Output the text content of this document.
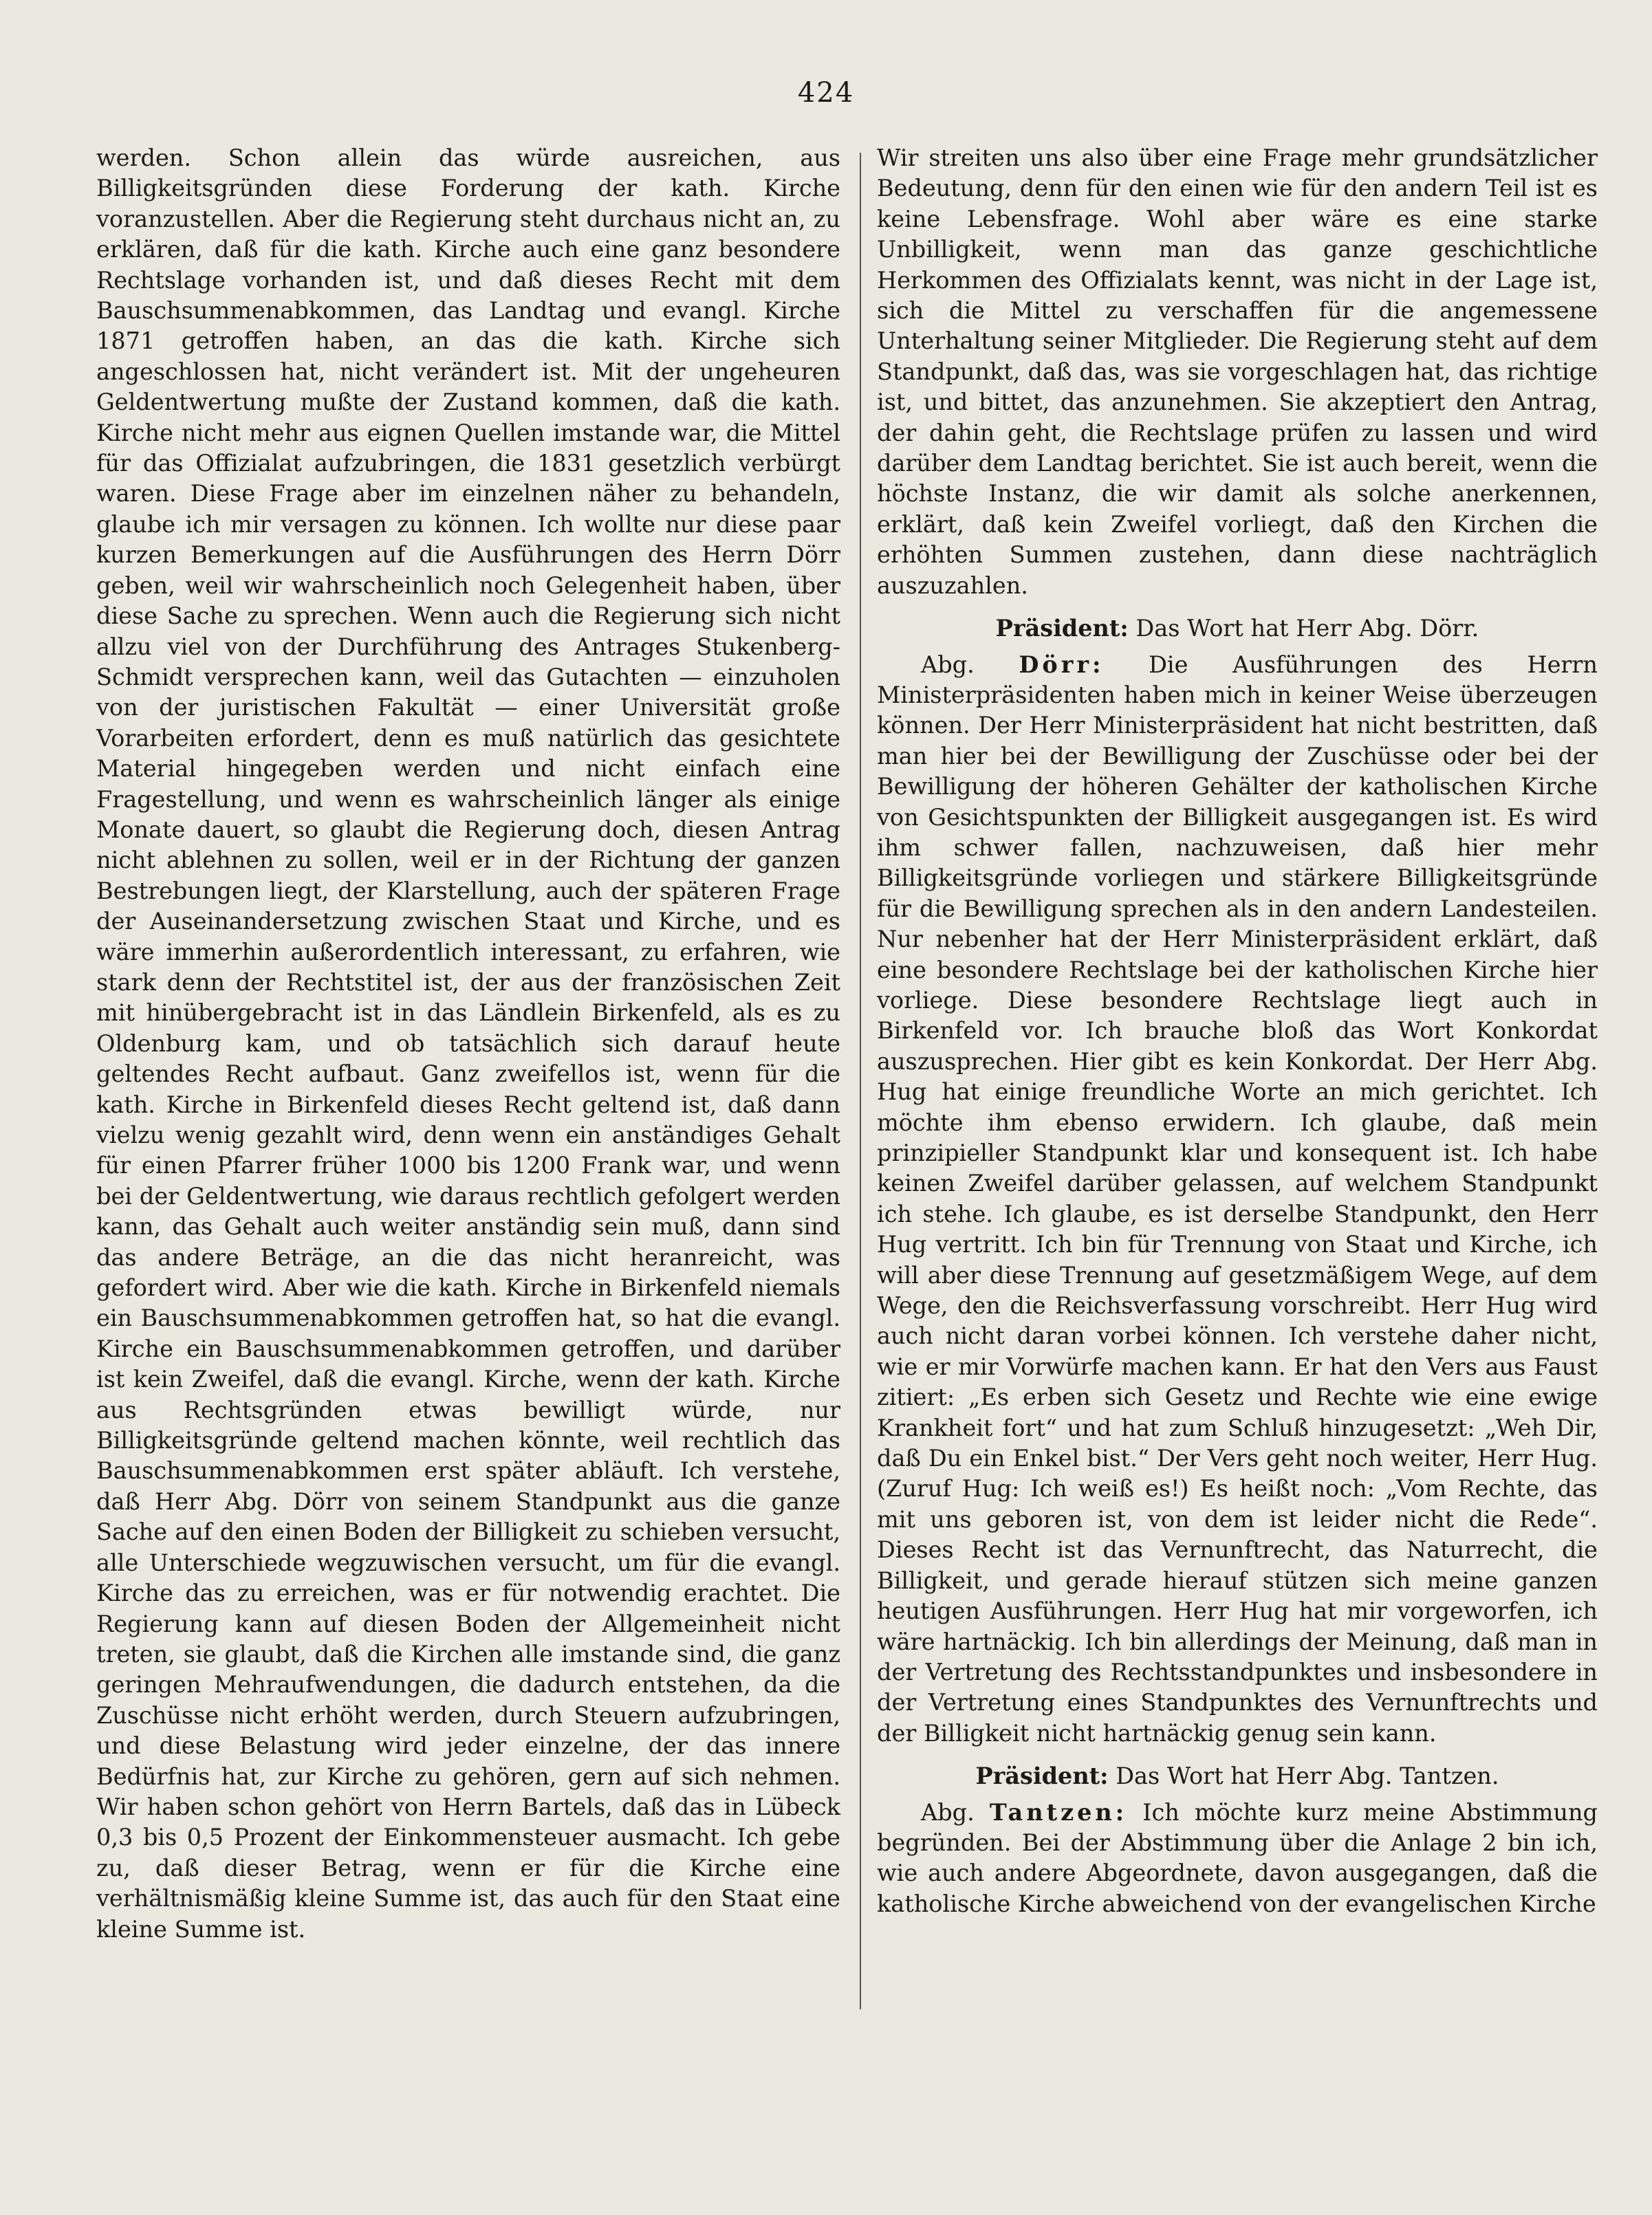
424

werden. Schon allein das würde ausreichen, aus Billigkeitsgründen diese Forderung der kath. Kirche voranzustellen. Aber die Regierung steht durchaus nicht an, zu erklären, daß für die kath. Kirche auch eine ganz besondere Rechtslage vorhanden ist, und daß dieses Recht mit dem Bauschsummenabkommen, das Landtag und evangl. Kirche 1871 getroffen haben, an das die kath. Kirche sich angeschlossen hat, nicht verändert ist. Mit der ungeheuren Geldentwertung mußte der Zustand kommen, daß die kath. Kirche nicht mehr aus eignen Quellen imstande war, die Mittel für das Offizialat aufzubringen, die 1831 gesetzlich verbürgt waren. Diese Frage aber im einzelnen näher zu behandeln, glaube ich mir versagen zu können. Ich wollte nur diese paar kurzen Bemerkungen auf die Ausführungen des Herrn Dörr geben, weil wir wahrscheinlich noch Gelegenheit haben, über diese Sache zu sprechen. Wenn auch die Regierung sich nicht allzu viel von der Durchführung des Antrages Stukenberg-Schmidt versprechen kann, weil das Gutachten — einzuholen von der juristischen Fakultät — einer Universität große Vorarbeiten erfordert, denn es muß natürlich das gesichtete Material hingegeben werden und nicht einfach eine Fragestellung, und wenn es wahrscheinlich länger als einige Monate dauert, so glaubt die Regierung doch, diesen Antrag nicht ablehnen zu sollen, weil er in der Richtung der ganzen Bestrebungen liegt, der Klarstellung, auch der späteren Frage der Auseinandersetzung zwischen Staat und Kirche, und es wäre immerhin außerordentlich interessant, zu erfahren, wie stark denn der Rechtstitel ist, der aus der französischen Zeit mit hinübergebracht ist in das Ländlein Birkenfeld, als es zu Oldenburg kam, und ob tatsächlich sich darauf heute geltendes Recht aufbaut. Ganz zweifellos ist, wenn für die kath. Kirche in Birkenfeld dieses Recht geltend ist, daß dann vielzu wenig gezahlt wird, denn wenn ein anständiges Gehalt für einen Pfarrer früher 1000 bis 1200 Frank war, und wenn bei der Geldentwertung, wie daraus rechtlich gefolgert werden kann, das Gehalt auch weiter anständig sein muß, dann sind das andere Beträge, an die das nicht heranreicht, was gefordert wird. Aber wie die kath. Kirche in Birkenfeld niemals ein Bauschsummenabkommen getroffen hat, so hat die evangl. Kirche ein Bauschsummenabkommen getroffen, und darüber ist kein Zweifel, daß die evangl. Kirche, wenn der kath. Kirche aus Rechtsgründen etwas bewilligt würde, nur Billigkeitsgründe geltend machen könnte, weil rechtlich das Bauschsummenabkommen erst später abläuft. Ich verstehe, daß Herr Abg. Dörr von seinem Standpunkt aus die ganze Sache auf den einen Boden der Billigkeit zu schieben versucht, alle Unterschiede wegzuwischen versucht, um für die evangl. Kirche das zu erreichen, was er für notwendig erachtet. Die Regierung kann auf diesen Boden der Allgemeinheit nicht treten, sie glaubt, daß die Kirchen alle imstande sind, die ganz geringen Mehraufwendungen, die dadurch entstehen, da die Zuschüsse nicht erhöht werden, durch Steuern aufzubringen, und diese Belastung wird jeder einzelne, der das innere Bedürfnis hat, zur Kirche zu gehören, gern auf sich nehmen. Wir haben schon gehört von Herrn Bartels, daß das in Lübeck 0,3 bis 0,5 Prozent der Einkommensteuer ausmacht. Ich gebe zu, daß dieser Betrag, wenn er für die Kirche eine verhältnismäßig kleine Summe ist, das auch für den Staat eine kleine Summe ist.

Wir streiten uns also über eine Frage mehr grundsätzlicher Bedeutung, denn für den einen wie für den andern Teil ist es keine Lebensfrage. Wohl aber wäre es eine starke Unbilligkeit, wenn man das ganze geschichtliche Herkommen des Offizialats kennt, was nicht in der Lage ist, sich die Mittel zu verschaffen für die angemessene Unterhaltung seiner Mitglieder. Die Regierung steht auf dem Standpunkt, daß das, was sie vorgeschlagen hat, das richtige ist, und bittet, das anzunehmen. Sie akzeptiert den Antrag, der dahin geht, die Rechtslage prüfen zu lassen und wird darüber dem Landtag berichtet. Sie ist auch bereit, wenn die höchste Instanz, die wir damit als solche anerkennen, erklärt, daß kein Zweifel vorliegt, daß den Kirchen die erhöhten Summen zustehen, dann diese nachträglich auszuzahlen.

Präsident: Das Wort hat Herr Abg. Dörr.

Abg. Dörr: Die Ausführungen des Herrn Ministerpräsidenten haben mich in keiner Weise überzeugen können. Der Herr Ministerpräsident hat nicht bestritten, daß man hier bei der Bewilligung der Zuschüsse oder bei der Bewilligung der höheren Gehälter der katholischen Kirche von Gesichtspunkten der Billigkeit ausgegangen ist. Es wird ihm schwer fallen, nachzuweisen, daß hier mehr Billigkeitsgründe vorliegen und stärkere Billigkeitsgründe für die Bewilligung sprechen als in den andern Landesteilen. Nur nebenher hat der Herr Ministerpräsident erklärt, daß eine besondere Rechtslage bei der katholischen Kirche hier vorliege. Diese besondere Rechtslage liegt auch in Birkenfeld vor. Ich brauche bloß das Wort Konkordat auszusprechen. Hier gibt es kein Konkordat. Der Herr Abg. Hug hat einige freundliche Worte an mich gerichtet. Ich möchte ihm ebenso erwidern. Ich glaube, daß mein prinzipieller Standpunkt klar und konsequent ist. Ich habe keinen Zweifel darüber gelassen, auf welchem Standpunkt ich stehe. Ich glaube, es ist derselbe Standpunkt, den Herr Hug vertritt. Ich bin für Trennung von Staat und Kirche, ich will aber diese Trennung auf gesetzmäßigem Wege, auf dem Wege, den die Reichsverfassung vorschreibt. Herr Hug wird auch nicht daran vorbei können. Ich verstehe daher nicht, wie er mir Vorwürfe machen kann. Er hat den Vers aus Faust zitiert: „Es erben sich Gesetz und Rechte wie eine ewige Krankheit fort“ und hat zum Schluß hinzugesetzt: „Weh Dir, daß Du ein Enkel bist.“ Der Vers geht noch weiter, Herr Hug. (Zuruf Hug: Ich weiß es!) Es heißt noch: „Vom Rechte, das mit uns geboren ist, von dem ist leider nicht die Rede“. Dieses Recht ist das Vernunftrecht, das Naturrecht, die Billigkeit, und gerade hierauf stützen sich meine ganzen heutigen Ausführungen. Herr Hug hat mir vorgeworfen, ich wäre hartnäckig. Ich bin allerdings der Meinung, daß man in der Vertretung des Rechtsstandpunktes und insbesondere in der Vertretung eines Standpunktes des Vernunftrechts und der Billigkeit nicht hartnäckig genug sein kann.

Präsident: Das Wort hat Herr Abg. Tantzen.

Abg. Tantzen: Ich möchte kurz meine Abstimmung begründen. Bei der Abstimmung über die Anlage 2 bin ich, wie auch andere Abgeordnete, davon ausgegangen, daß die katholische Kirche abweichend von der evangelischen Kirche
